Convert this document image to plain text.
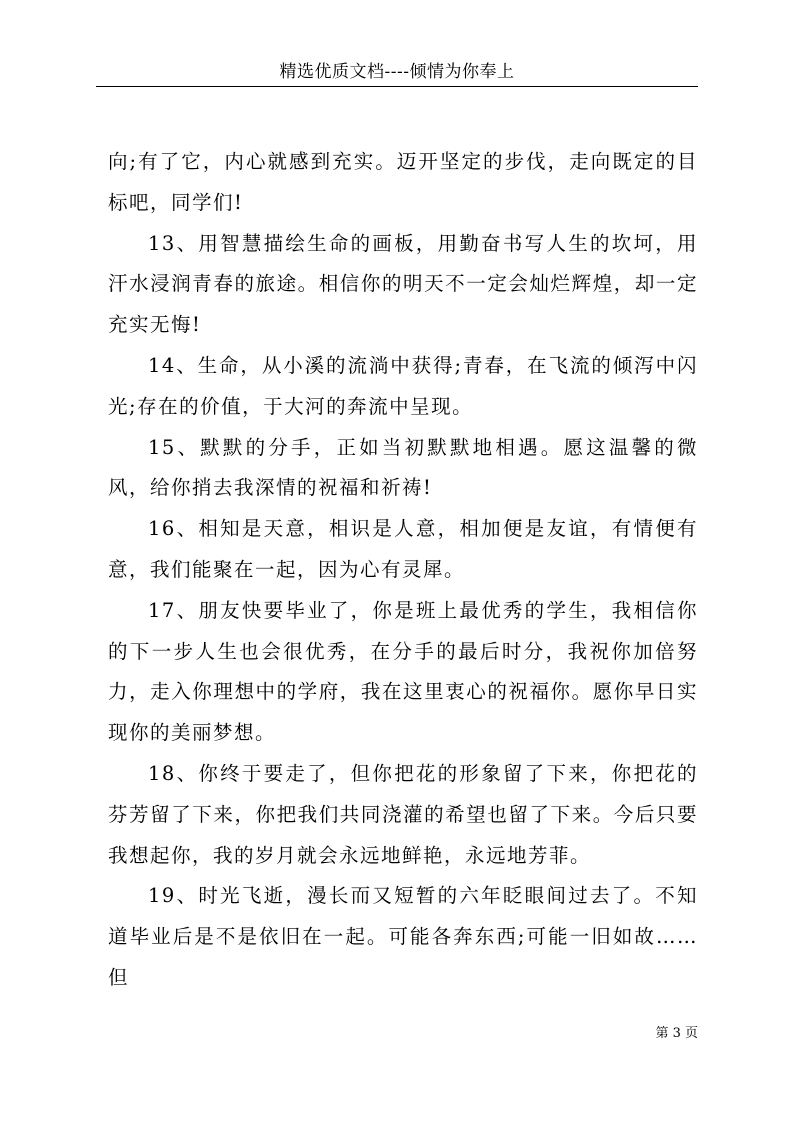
精选优质文档----倾情为你奉上

向;有了它，内心就感到充实。迈开坚定的步伐，走向既定的目标吧，同学们!

13、用智慧描绘生命的画板，用勤奋书写人生的坎坷，用汗水浸润青春的旅途。相信你的明天不一定会灿烂辉煌，却一定充实无悔!

14、生命，从小溪的流淌中获得;青春，在飞流的倾泻中闪光;存在的价值，于大河的奔流中呈现。

15、默默的分手，正如当初默默地相遇。愿这温馨的微风，给你捎去我深情的祝福和祈祷!

16、相知是天意，相识是人意，相加便是友谊，有情便有意，我们能聚在一起，因为心有灵犀。

17、朋友快要毕业了，你是班上最优秀的学生，我相信你的下一步人生也会很优秀，在分手的最后时分，我祝你加倍努力，走入你理想中的学府，我在这里衷心的祝福你。愿你早日实现你的美丽梦想。

18、你终于要走了，但你把花的形象留了下来，你把花的芬芳留了下来，你把我们共同浇灌的希望也留了下来。今后只要我想起你，我的岁月就会永远地鲜艳，永远地芳菲。

19、时光飞逝，漫长而又短暂的六年眨眼间过去了。不知道毕业后是不是依旧在一起。可能各奔东西;可能一旧如故……但

第 3 页
